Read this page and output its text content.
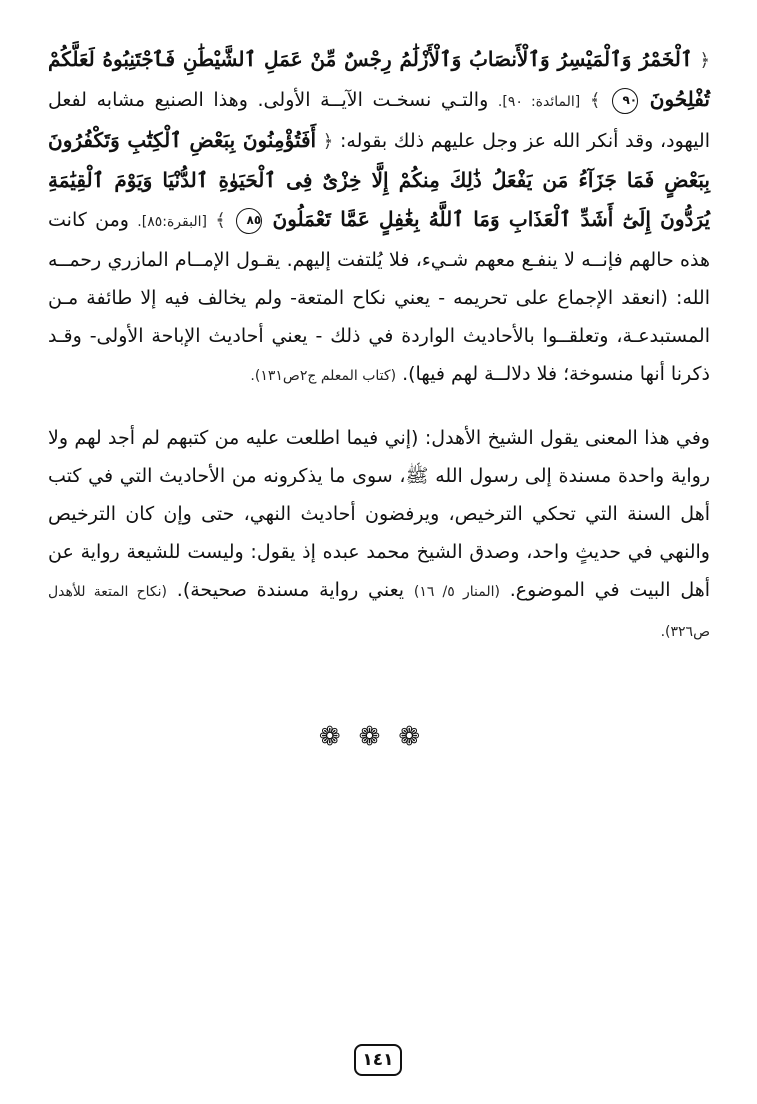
﴿ ٱلْخَمْرُ وَٱلْمَيْسِرُ وَٱلْأَنصَابُ وَٱلْأَزْلَٰمُ رِجْسٌ مِّنْ عَمَلِ ٱلشَّيْطَٰنِ فَٱجْتَنِبُوهُ لَعَلَّكُمْ تُفْلِحُونَ ٩٠ ﴾ [المائدة: ٩٠]. والتـي نسخـت الآيــة الأولى. وهذا الصنيع مشابه لفعل اليهود، وقد أنكر الله عز وجل عليهم ذلك بقوله: ﴿ أَفَتُؤْمِنُونَ بِبَعْضِ ٱلْكِتَٰبِ وَتَكْفُرُونَ بِبَعْضٍ فَمَا جَزَآءُ مَن يَفْعَلُ ذَٰلِكَ مِنكُمْ إِلَّا خِزْىٌ فِى ٱلْحَيَوٰةِ ٱلدُّنْيَا وَيَوْمَ ٱلْقِيَٰمَةِ يُرَدُّونَ إِلَىٰٓ أَشَدِّ ٱلْعَذَابِ وَمَا ٱللَّهُ بِغَٰفِلٍ عَمَّا تَعْمَلُونَ ٨٥ ﴾ [البقرة:٨٥]. ومن كانت هذه حالهم فإنــه لا ينفـع معهم شـيء، فلا يُلتفت إليهم. يقـول الإمــام المازري رحمــه الله: (انعقد الإجماع على تحريمه - يعني نكاح المتعة- ولم يخالف فيه إلا طائفة مـن المستبدعـة، وتعلقــوا بالأحاديث الواردة في ذلك - يعني أحاديث الإباحة الأولى- وقـد ذكرنا أنها منسوخة؛ فلا دلالــة لهم فيها). (كتاب المعلم ج٢ص١٣١).

وفي هذا المعنى يقول الشيخ الأهدل: (إني فيما اطلعت عليه من كتبهم لم أجد لهم ولا رواية واحدة مسندة إلى رسول الله ﷺ، سوى ما يذكرونه من الأحاديث التي في كتب أهل السنة التي تحكي الترخيص، ويرفضون أحاديث النهي، حتى وإن كان الترخيص والنهي في حديثٍ واحد، وصدق الشيخ محمد عبده إذ يقول: وليست للشيعة رواية عن أهل البيت في الموضوع. (المنار ٥/ ١٦) يعني رواية مسندة صحيحة). (نكاح المتعة للأهدل ص٣٢٦).

❁❁❁
١٤١
